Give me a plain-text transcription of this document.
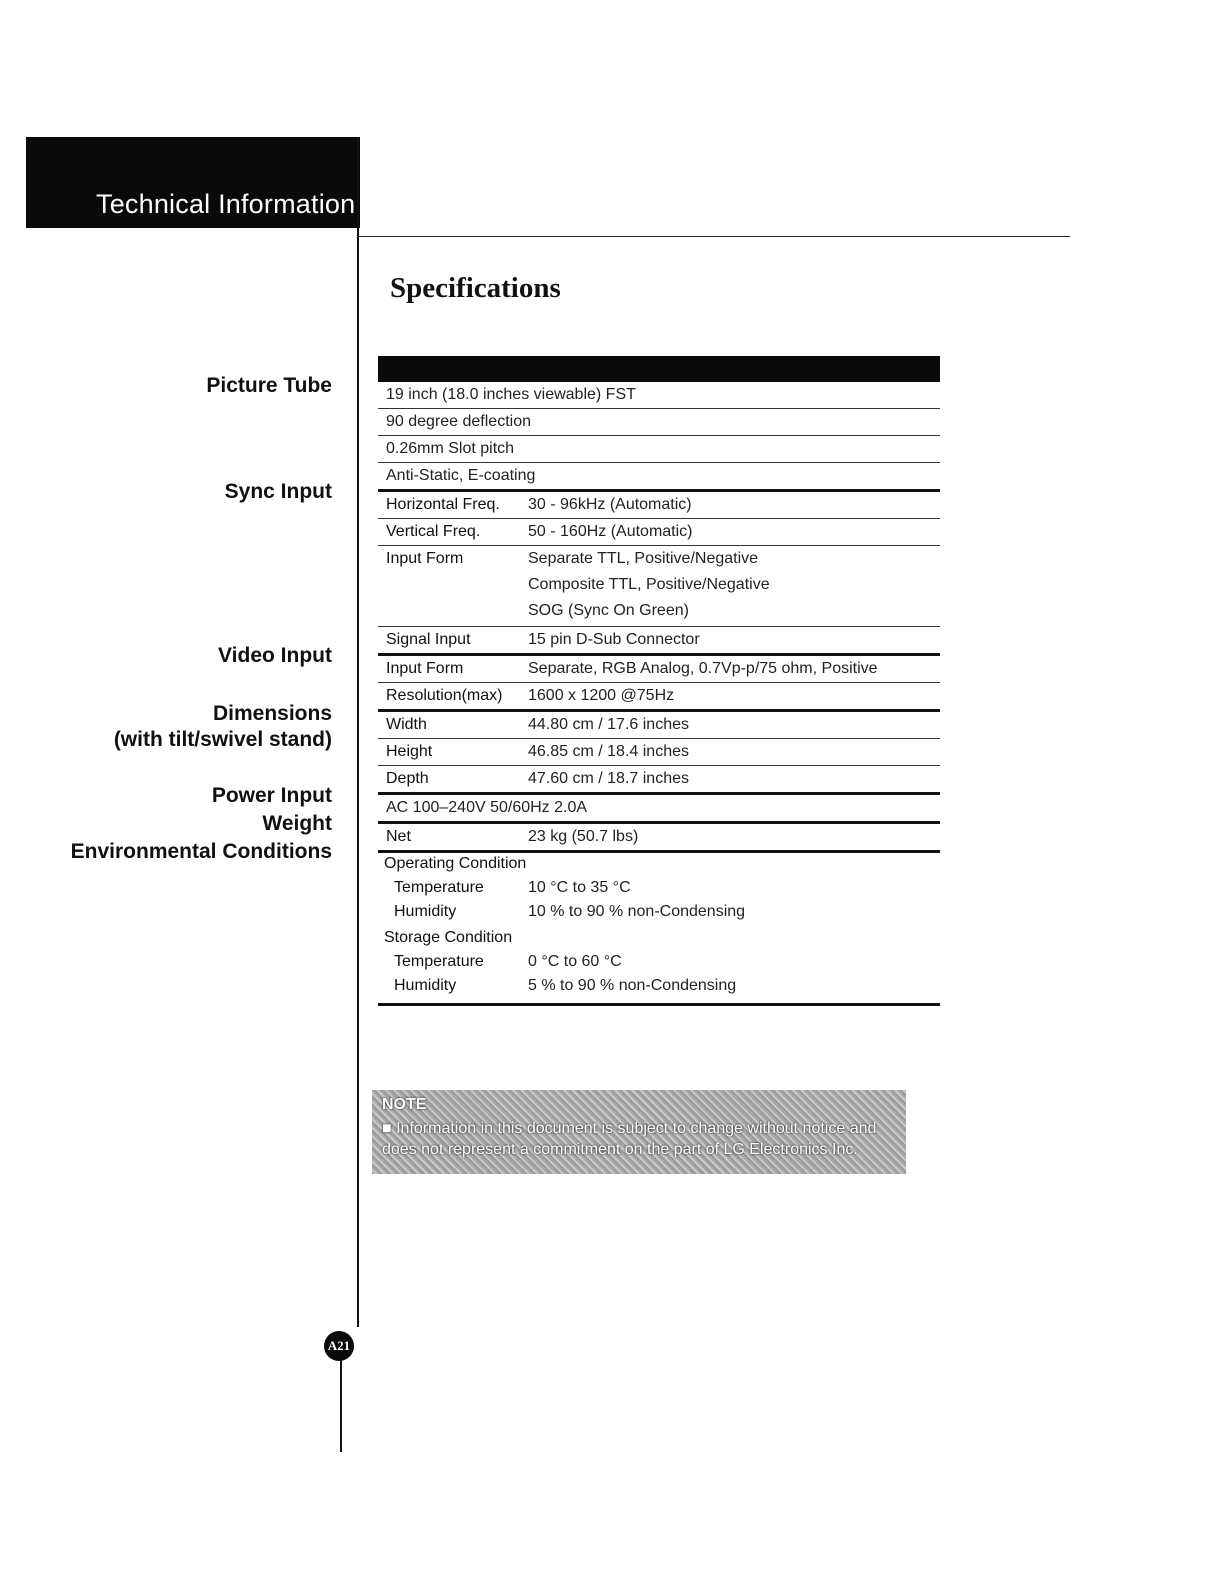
Technical Information
Specifications
Picture Tube
Sync Input
Video Input
Dimensions
(with tilt/swivel stand)
Power Input
Weight
Environmental Conditions
19 inch (18.0 inches viewable) FST
90 degree deflection
0.26mm Slot pitch
Anti-Static, E-coating
Horizontal Freq. 30 - 96kHz (Automatic)
Vertical Freq.	50 - 160Hz (Automatic)
Input Form	Separate TTL, Positive/Negative
Composite TTL, Positive/Negative
SOG (Sync On Green)
Signal Input	15 pin D-Sub Connector
Input Form	Separate, RGB Analog, 0.7Vp-p/75 ohm, Positive
Resolution(max) 1600 x 1200 @75Hz
Width	44.80 cm / 17.6 inches
Height	46.85 cm / 18.4 inches
Depth	47.60 cm / 18.7 inches
AC 100–240V 50/60Hz 2.0A
Net	23 kg (50.7 lbs)
Operating Condition
Temperature	10 °C to 35 °C
Humidity	10 % to 90 % non-Condensing
Storage Condition
Temperature	0 °C to 60 °C
Humidity	5 % to 90 % non-Condensing
NOTE
■ Information in this document is subject to change without notice and does not represent a commitment on the part of LG Electronics Inc.
A21
